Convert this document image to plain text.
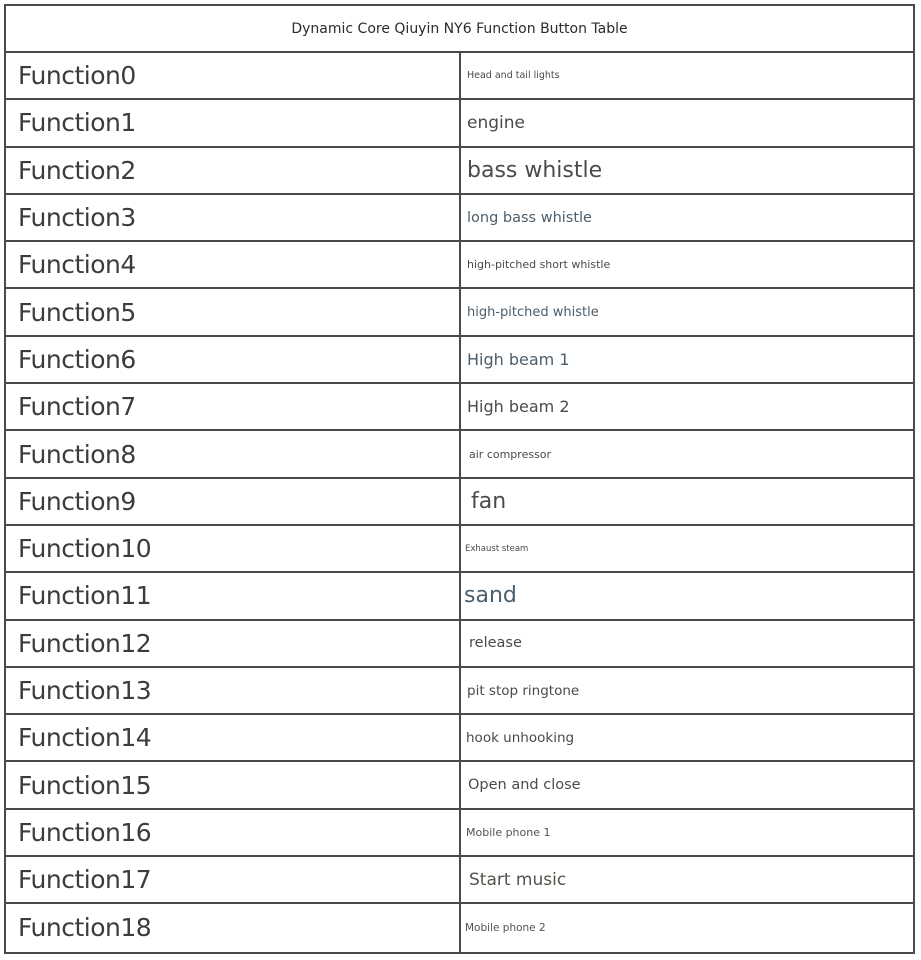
Dynamic Core Qiuyin NY6 Function Button Table
Function0	Head and tail lights
Function1	engine
Function2	bass whistle
Function3	long bass whistle
Function4	high-pitched short whistle
Function5	high-pitched whistle
Function6	High beam 1
Function7	High beam 2
Function8	air compressor
Function9	fan
Function10	Exhaust steam
Function11	sand
Function12	release
Function13	pit stop ringtone
Function14	hook unhooking
Function15	Open and close
Function16	Mobile phone 1
Function17	Start music
Function18	Mobile phone 2
